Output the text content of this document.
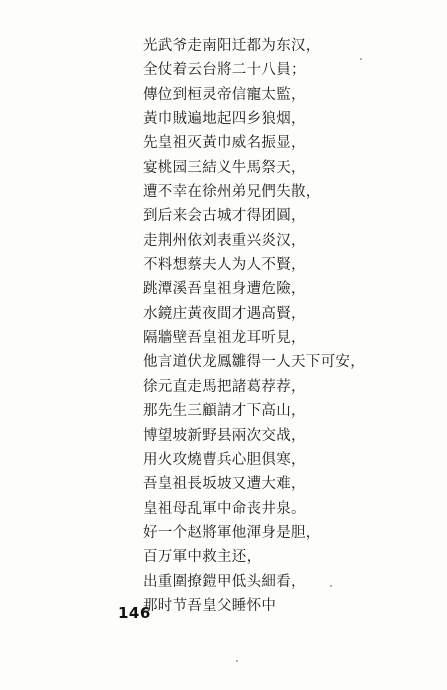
光武爷走南阳迁都为东汉，
全仗着云台將二十八員；
傳位到桓灵帝信寵太監，
黃巾賊遍地起四乡狼烟，
先皇祖灭黃巾威名振显，
宴桃园三結义牛馬祭天，
遭不幸在徐州弟兄們失散，
到后来会古城才得团圓，
走荆州依刘表重兴炎汉，
不料想蔡夫人为人不賢，
跳潭溪吾皇祖身遭危險，
水鏡庄黃夜間才遇高賢，
隔牆壁吾皇祖龙耳听見，
他言道伏龙鳳雛得一人天下可安，
徐元直走馬把諸葛荐荐，
那先生三顧請才下高山，
博望坡新野县兩次交战，
用火攻燒曹兵心胆俱寒，
吾皇祖長坂坡又遭大难，
皇祖母乱軍中命丧井泉。
好一个赵將軍他渾身是胆，
百万軍中救主还，
出重圍撩鎧甲低头細看，
那时节吾皇父睡怀中
146
